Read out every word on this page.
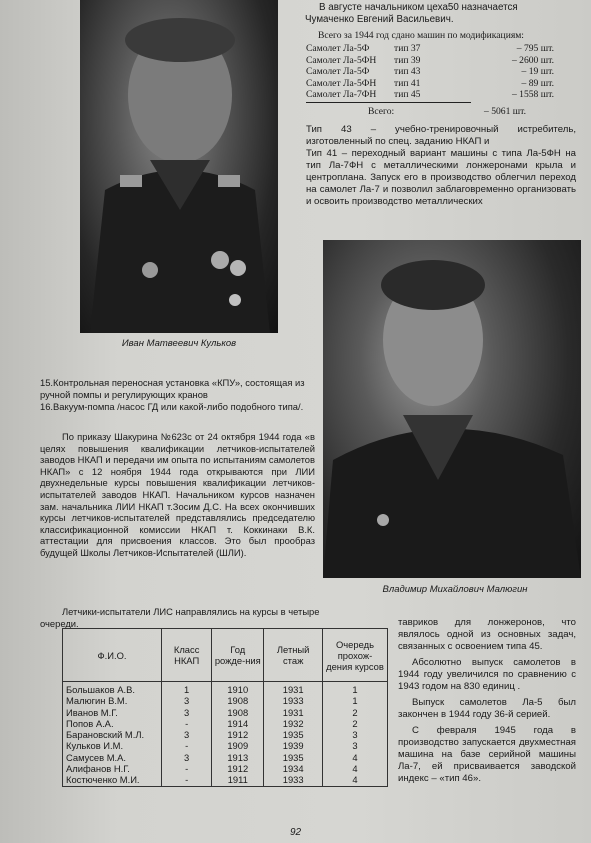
Иван Матвеевич Кульков
В августе начальником цеха50 назначается
Чумаченко Евгений Васильевич.
Всего за 1944 год сдано машин по модификациям:
Самолет Ла-5Ф	тип 37	– 795 шт.
Самолет Ла-5ФН	тип 39	– 2600 шт.
Самолет Ла-5Ф	тип 43	– 19 шт.
Самолет Ла-5ФН	тип 41	– 89 шт.
Самолет Ла-7ФН	тип 45	– 1558 шт.
Всего:	– 5061 шт.
Тип 43 – учебно-тренировочный истребитель, изготовленный по спец. заданию НКАП и
Тип 41 – переходный вариант машины с типа Ла-5ФН на тип Ла-7ФН с металлическими лонжеронами крыла и центроплана. Запуск его в производство облегчил переход на самолет Ла-7 и позволил заблаговременно организовать и освоить производство металлических
Владимир Михайлович Малюгин
15.Контрольная переносная установка «КПУ», состоящая из ручной помпы и регулирующих кранов
16.Вакуум-помпа /насос ГД или какой-либо подобного типа/.
По приказу Шакурина №623с от 24 октября 1944 года «в целях повышения квалификации летчиков-испытателей заводов НКАП и передачи им опыта по испытаниям самолетов НКАП» с 12 ноября 1944 года открываются при ЛИИ двухнедельные курсы повышения квалификации летчиков-испытателей заводов НКАП. Начальником курсов назначен зам. начальника ЛИИ НКАП т.Зосим Д.С. На всех окончивших курсы летчиков-испытателей представлялись председателю классификационной комиссии НКАП т. Коккинаки В.К. аттестации для присвоения классов. Это был прообраз будущей Школы Летчиков-Испытателей (ШЛИ).
Летчики-испытатели ЛИС направлялись на курсы в четыре очереди.
Ф.И.О.	Класс НКАП	Год рожде-ния	Летный стаж	Очередь прохож-дения курсов
Большаков А.В.	1	1910	1931	1
Малюгин В.М.	3	1908	1933	1
Иванов М.Г.	3	1908	1931	2
Попов А.А.	-	1914	1932	2
Барановский М.Л.	3	1912	1935	3
Кульков И.М.	-	1909	1939	3
Самусев М.А.	3	1913	1935	4
Алифанов Н.Г.	-	1912	1934	4
Костюченко М.И.	-	1911	1933	4
тавриков для лонжеронов, что являлось одной из основных задач, связанных с освоением типа 45.
Абсолютно выпуск самолетов в 1944 году увеличился по сравнению с 1943 годом на 830 единиц .
Выпуск самолетов Ла-5 был закончен в 1944 году 36-й серией.
С февраля 1945 года в производство запускается двухместная машина на базе серийной машины Ла-7, ей присваивается заводской индекс – «тип 46».
92
